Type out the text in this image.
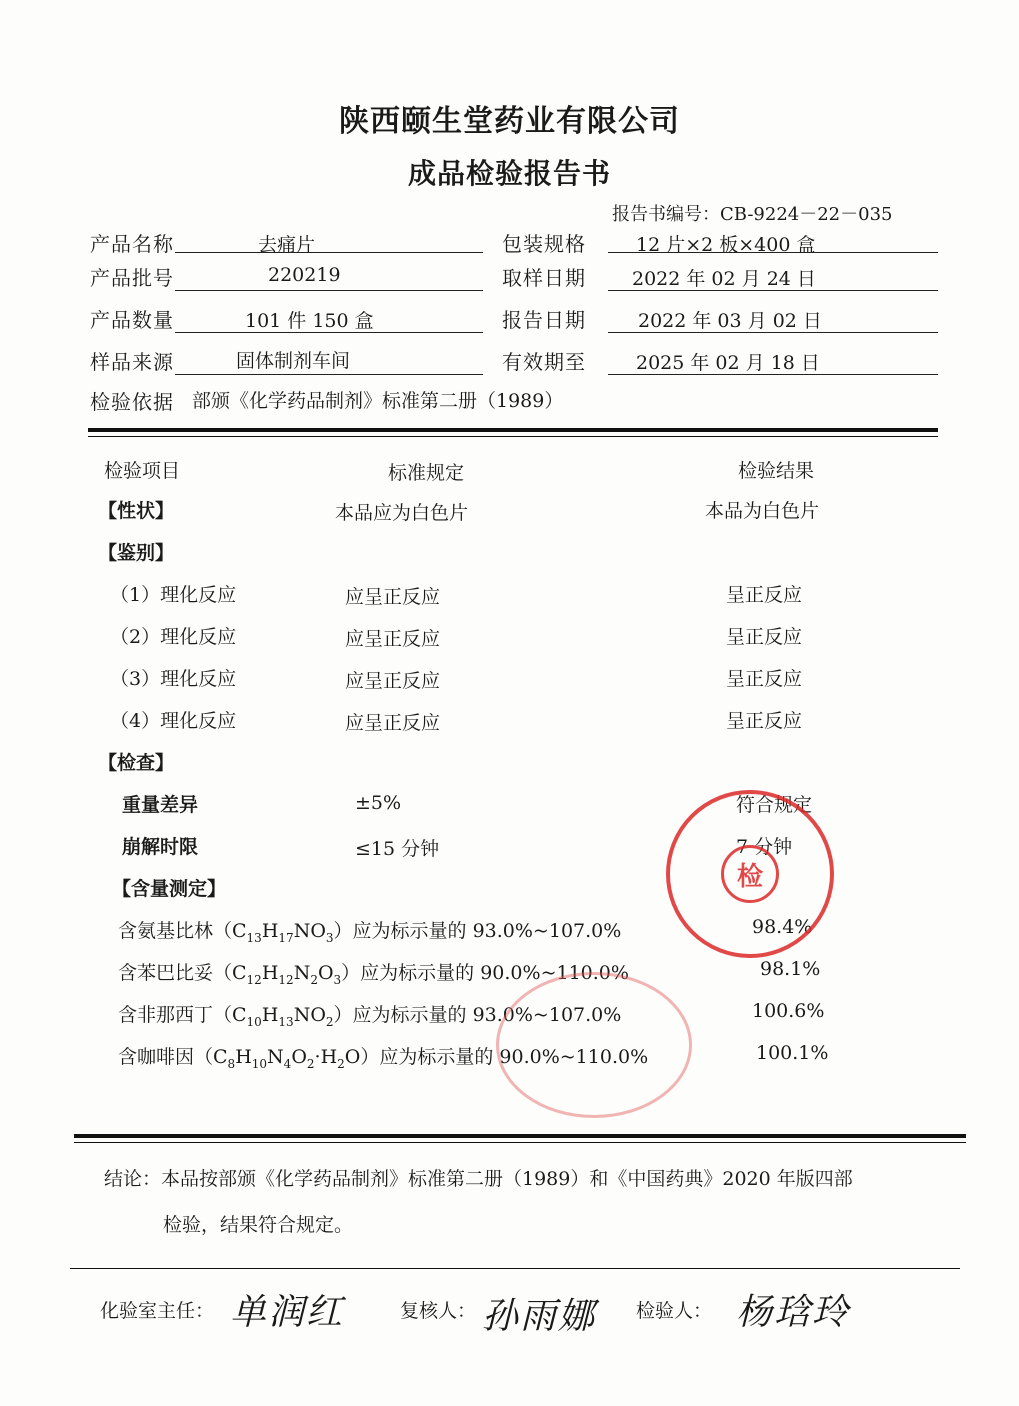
陕西颐生堂药业有限公司
成品检验报告书
报告书编号：CB-9224－22－035
产品名称	去痛片	包装规格	12 片×2 板×400 盒
产品批号	220219	取样日期 2022 年 02 月 24 日
产品数量	101 件 150 盒	报告日期	2022 年 03 月 02 日
样品来源	固体制剂车间	有效期至	2025 年 02 月 18 日
检验依据 部颁《化学药品制剂》标准第二册（1989）
检验项目	标准规定	检验结果
【性状】	本品应为白色片	本品为白色片
【鉴别】
（1）理化反应	应呈正反应	呈正反应
（2）理化反应	应呈正反应	呈正反应
（3）理化反应	应呈正反应	呈正反应
（4）理化反应	应呈正反应	呈正反应
【检查】
重量差异	±5%	符合规定
崩解时限	≤15 分钟	7 分钟
【含量测定】
含氨基比林$(C_{13}H_{17}NO_3)$应为标示量的 93.0%~107.0%	98.4%
含苯巴比妥$(C_{12}H_{12}N_2O_3)$应为标示量的 90.0%~110.0%	98.1%
含非那西丁$(C_{10}H_{13}NO_2)$应为标示量的 93.0%~107.0%	100.6%
含咖啡因$(C_8H_{10}N_4O_2\cdot H_2O)$应为标示量的 90.0%~110.0%	100.1%
检
结论：本品按部颁《化学药品制剂》标准第二册（1989）和《中国药典》2020 年版四部
检验，结果符合规定。
化验室主任： 单润红	复核人： 孙雨娜 检验人： 杨琀玲
